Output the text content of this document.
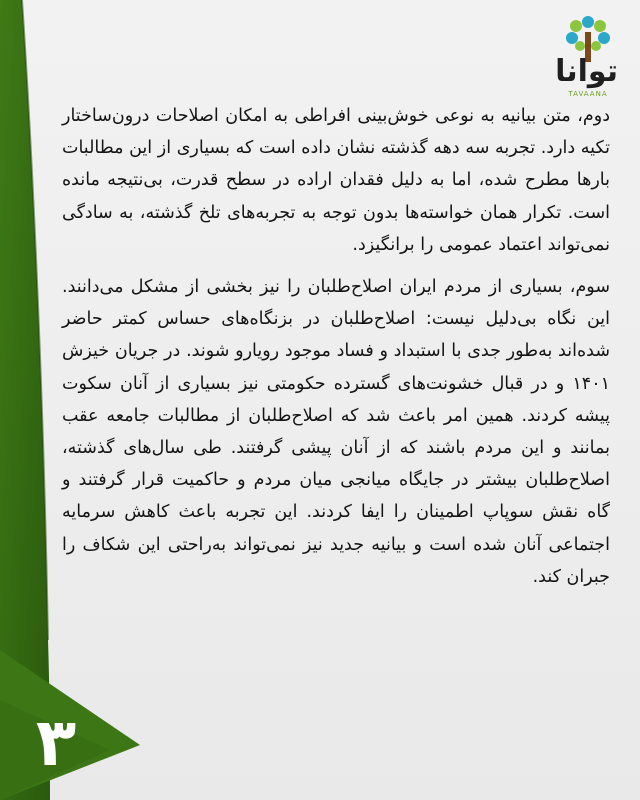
توانا
TAVAANA

دوم، متن بیانیه به نوعی خوش‌بینی افراطی به امکان اصلاحات درون‌ساختار تکیه دارد. تجربه سه دهه گذشته نشان داده است که بسیاری از این مطالبات بارها مطرح شده، اما به دلیل فقدان اراده در سطح قدرت، بی‌نتیجه مانده است. تکرار همان خواسته‌ها بدون توجه به تجربه‌های تلخ گذشته، به سادگی نمی‌تواند اعتماد عمومی را برانگیزد.

سوم، بسیاری از مردم ایران اصلاح‌طلبان را نیز بخشی از مشکل می‌دانند. این نگاه بی‌دلیل نیست: اصلاح‌طلبان در بزنگاه‌های حساس کمتر حاضر شده‌اند به‌طور جدی با استبداد و فساد موجود رویارو شوند. در جریان خیزش ۱۴۰۱ و در قبال خشونت‌های گسترده حکومتی نیز بسیاری از آنان سکوت پیشه کردند. همین امر باعث شد که اصلاح‌طلبان از مطالبات جامعه عقب بمانند و این مردم باشند که از آنان پیشی گرفتند. طی سال‌های گذشته، اصلاح‌طلبان بیشتر در جایگاه میانجی میان مردم و حاکمیت قرار گرفتند و گاه نقش سوپاپ اطمینان را ایفا کردند. این تجربه باعث کاهش سرمایه اجتماعی آنان شده است و بیانیه جدید نیز نمی‌تواند به‌راحتی این شکاف را جبران کند.

۳
